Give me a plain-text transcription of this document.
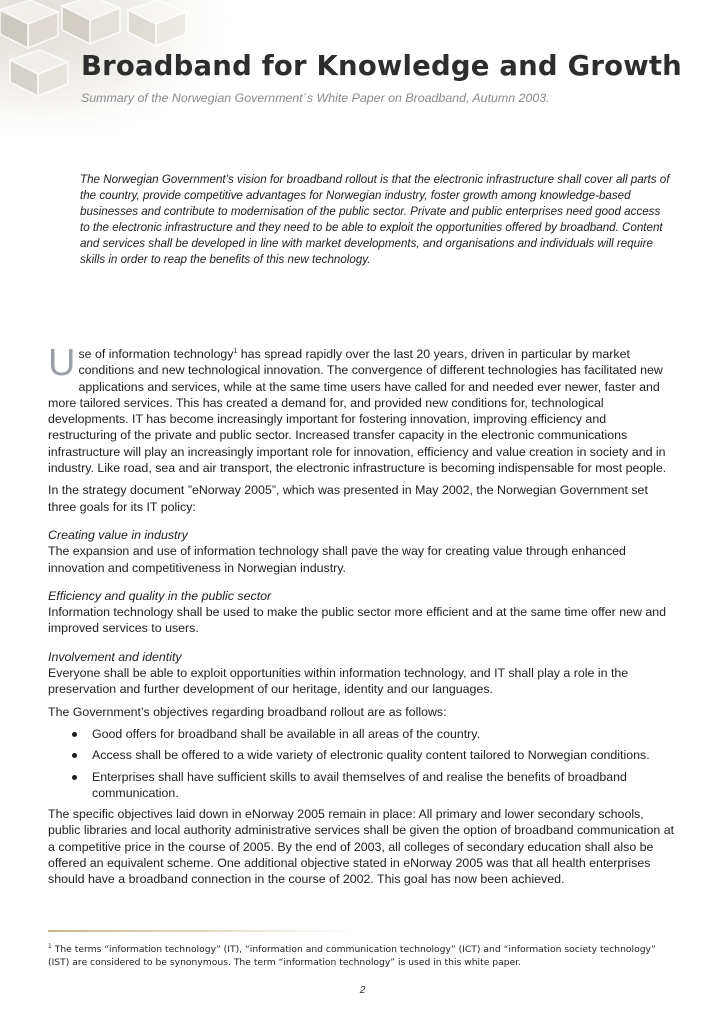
Broadband for Knowledge and Growth

Summary of the Norwegian Government´s White Paper on Broadband, Autumn 2003.

The Norwegian Government’s vision for broadband rollout is that the electronic infrastructure shall cover all parts of the country, provide competitive advantages for Norwegian industry, foster growth among knowledge-based businesses and contribute to modernisation of the public sector. Private and public enterprises need good access to the electronic infrastructure and they need to be able to exploit the opportunities offered by broadband. Content and services shall be developed in line with market developments, and organisations and individuals will require skills in order to reap the benefits of this new technology.

Use of information technology$^1$ has spread rapidly over the last 20 years, driven in particular by market conditions and new technological innovation. The convergence of different technologies has facilitated new applications and services, while at the same time users have called for and needed ever newer, faster and more tailored services. This has created a demand for, and provided new conditions for, technological developments. IT has become increasingly important for fostering innovation, improving efficiency and restructuring of the private and public sector. Increased transfer capacity in the electronic communications infrastructure will play an increasingly important role for innovation, efficiency and value creation in society and in industry. Like road, sea and air transport, the electronic infrastructure is becoming indispensable for most people.

In the strategy document ”eNorway 2005”, which was presented in May 2002, the Norwegian Government set three goals for its IT policy:

Creating value in industry
The expansion and use of information technology shall pave the way for creating value through enhanced innovation and competitiveness in Norwegian industry.
Efficiency and quality in the public sector
Information technology shall be used to make the public sector more efficient and at the same time offer new and improved services to users.
Involvement and identity
Everyone shall be able to exploit opportunities within information technology, and IT shall play a role in the preservation and further development of our heritage, identity and our languages.

The Government’s objectives regarding broadband rollout are as follows:

Good offers for broadband shall be available in all areas of the country.
Access shall be offered to a wide variety of electronic quality content tailored to Norwegian conditions.
Enterprises shall have sufficient skills to avail themselves of and realise the benefits of broadband communication.

The specific objectives laid down in eNorway 2005 remain in place: All primary and lower secondary schools, public libraries and local authority administrative services shall be given the option of broadband communication at a competitive price in the course of 2005. By the end of 2003, all colleges of secondary education shall also be offered an equivalent scheme. One additional objective stated in eNorway 2005 was that all health enterprises should have a broadband connection in the course of 2002. This goal has now been achieved.

$^1$ The terms “information technology” (IT), “information and communication technology” (ICT) and “information society technology” (IST) are considered to be synonymous. The term “information technology” is used in this white paper.

2
